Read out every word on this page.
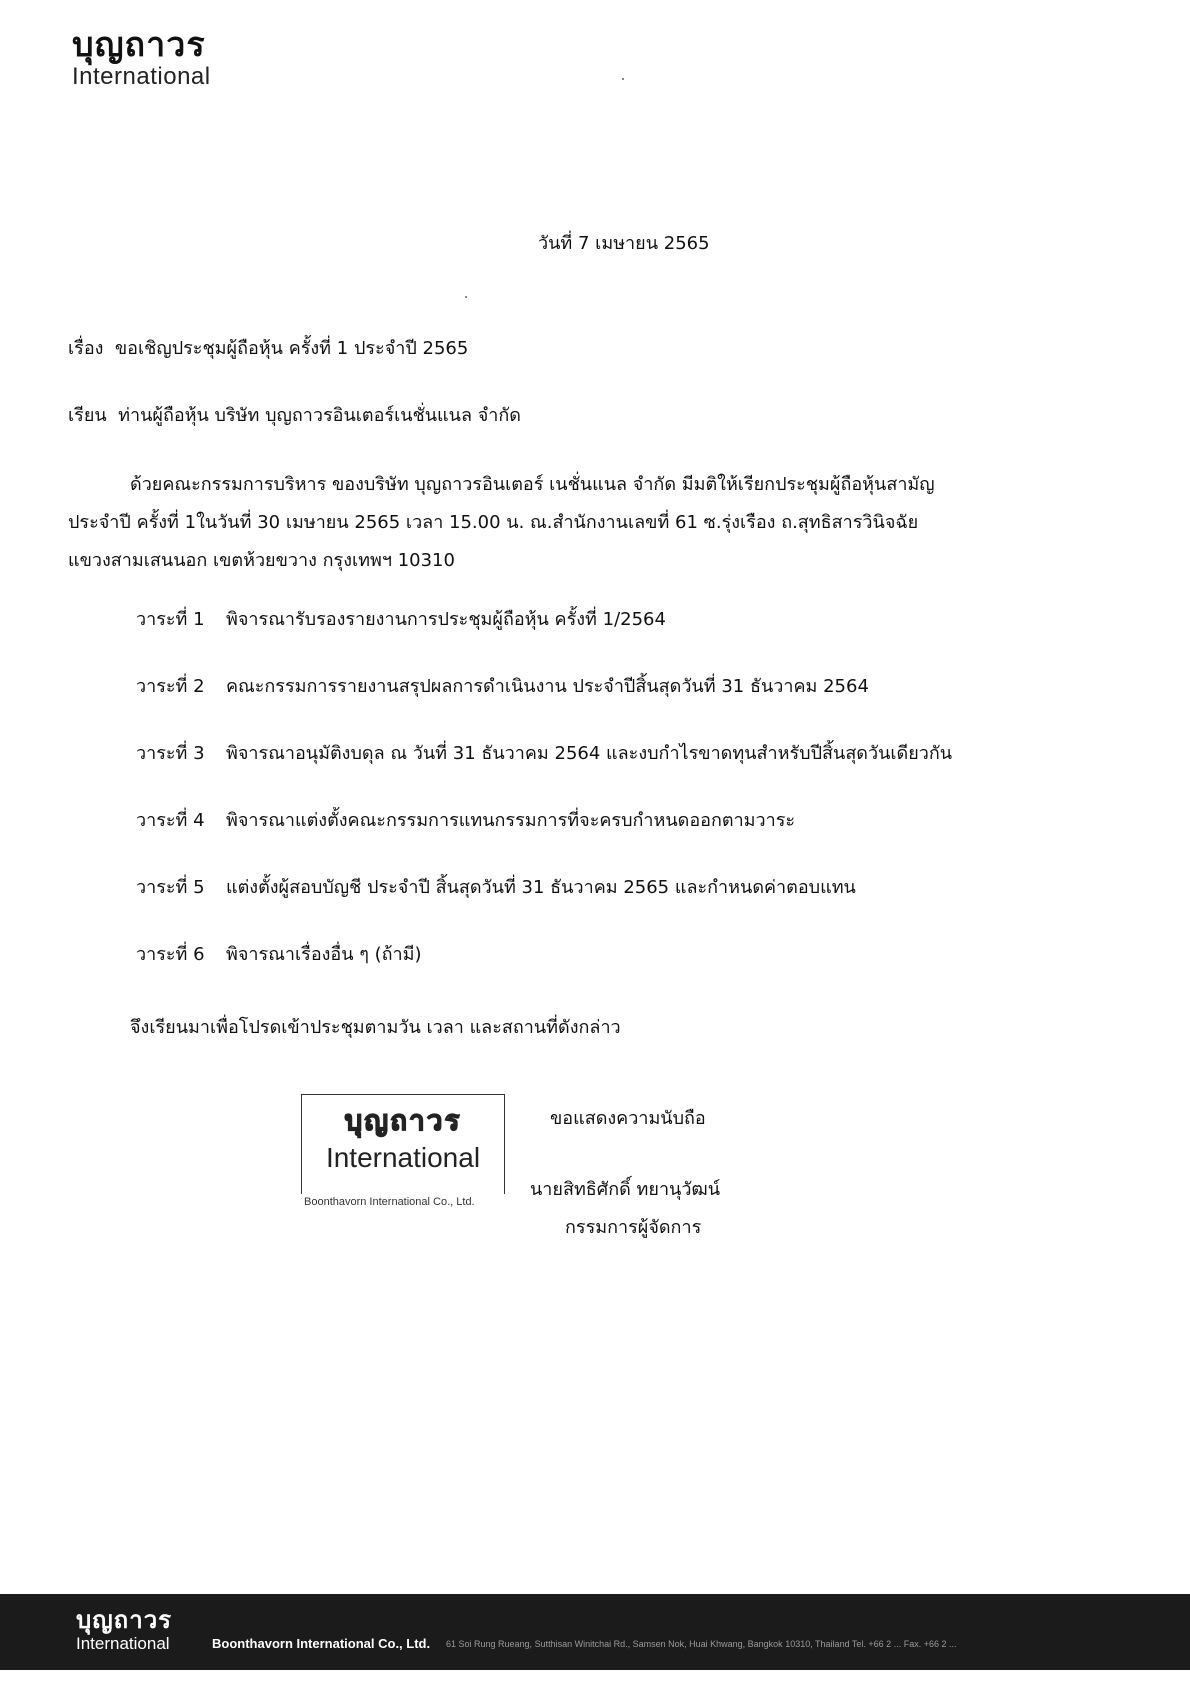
บุญถาวร
International
วันที่ 7 เมษายน 2565
เรื่อง ขอเชิญประชุมผู้ถือหุ้น ครั้งที่ 1 ประจำปี 2565
เรียน ท่านผู้ถือหุ้น บริษัท บุญถาวรอินเตอร์เนชั่นแนล จำกัด
ด้วยคณะกรรมการบริหาร ของบริษัท บุญถาวรอินเตอร์ เนชั่นแนล จำกัด มีมติให้เรียกประชุมผู้ถือหุ้นสามัญ
ประจำปี ครั้งที่ 1ในวันที่ 30 เมษายน 2565 เวลา 15.00 น. ณ.สำนักงานเลขที่ 61 ซ.รุ่งเรือง ถ.สุทธิสารวินิจฉัย
แขวงสามเสนนอก เขตห้วยขวาง กรุงเทพฯ 10310
วาระที่ 1	พิจารณารับรองรายงานการประชุมผู้ถือหุ้น ครั้งที่ 1/2564
วาระที่ 2	คณะกรรมการรายงานสรุปผลการดำเนินงาน ประจำปีสิ้นสุดวันที่ 31 ธันวาคม 2564
วาระที่ 3	พิจารณาอนุมัติงบดุล ณ วันที่ 31 ธันวาคม 2564 และงบกำไรขาดทุนสำหรับปีสิ้นสุดวันเดียวกัน
วาระที่ 4	พิจารณาแต่งตั้งคณะกรรมการแทนกรรมการที่จะครบกำหนดออกตามวาระ
วาระที่ 5	แต่งตั้งผู้สอบบัญชี ประจำปี สิ้นสุดวันที่ 31 ธันวาคม 2565 และกำหนดค่าตอบแทน
วาระที่ 6	พิจารณาเรื่องอื่น ๆ (ถ้ามี)
จึงเรียนมาเพื่อโปรดเข้าประชุมตามวัน เวลา และสถานที่ดังกล่าว
บุญถาวร
International
Boonthavorn International Co., Ltd.
ขอแสดงความนับถือ
นายสิทธิศักดิ์ ทยานุวัฒน์
กรรมการผู้จัดการ
บุญถาวร
International	Boonthavorn International Co., Ltd. 61 Soi Rung Rueang, Sutthisan Winitchai Rd., Samsen Nok, Huai Khwang, Bangkok 10310, Thailand Tel. +66 2 ... Fax. +66 2 ...
